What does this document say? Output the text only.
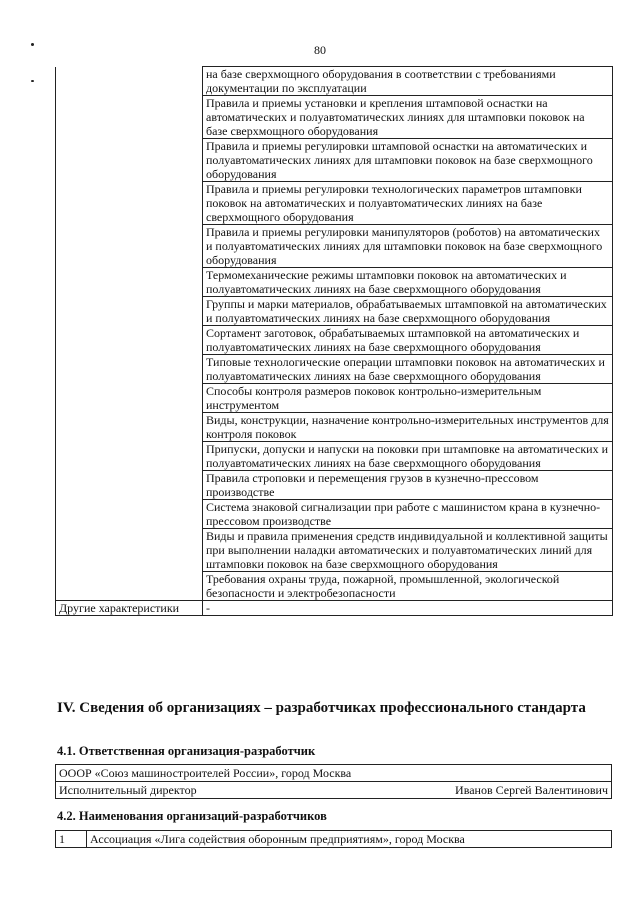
80
	на базе сверхмощного оборудования в соответствии с требованиями документации по эксплуатации
	Правила и приемы установки и крепления штамповой оснастки на автоматических и полуавтоматических линиях для штамповки поковок на базе сверхмощного оборудования
	Правила и приемы регулировки штамповой оснастки на автоматических и полуавтоматических линиях для штамповки поковок на базе сверхмощного оборудования
	Правила и приемы регулировки технологических параметров штамповки поковок на автоматических и полуавтоматических линиях на базе сверхмощного оборудования
	Правила и приемы регулировки манипуляторов (роботов) на автоматических и полуавтоматических линиях для штамповки поковок на базе сверхмощного оборудования
	Термомеханические режимы штамповки поковок на автоматических и полуавтоматических линиях на базе сверхмощного оборудования
	Группы и марки материалов, обрабатываемых штамповкой на автоматических и полуавтоматических линиях на базе сверхмощного оборудования
	Сортамент заготовок, обрабатываемых штамповкой на автоматических и полуавтоматических линиях на базе сверхмощного оборудования
	Типовые технологические операции штамповки поковок на автоматических и полуавтоматических линиях на базе сверхмощного оборудования
	Способы контроля размеров поковок контрольно-измерительным инструментом
	Виды, конструкции, назначение контрольно-измерительных инструментов для контроля поковок
	Припуски, допуски и напуски на поковки при штамповке на автоматических и полуавтоматических линиях на базе сверхмощного оборудования
	Правила строповки и перемещения грузов в кузнечно-прессовом производстве
	Система знаковой сигнализации при работе с машинистом крана в кузнечно-прессовом производстве
	Виды и правила применения средств индивидуальной и коллективной защиты при выполнении наладки автоматических и полуавтоматических линий для штамповки поковок на базе сверхмощного оборудования
	Требования охраны труда, пожарной, промышленной, экологической безопасности и электробезопасности
Другие характеристики	-
IV. Сведения об организациях – разработчиках профессионального стандарта
4.1. Ответственная организация-разработчик
ОООР «Союз машиностроителей России», город Москва
Исполнительный директор	Иванов Сергей Валентинович
4.2. Наименования организаций-разработчиков
1	Ассоциация «Лига содействия оборонным предприятиям», город Москва
